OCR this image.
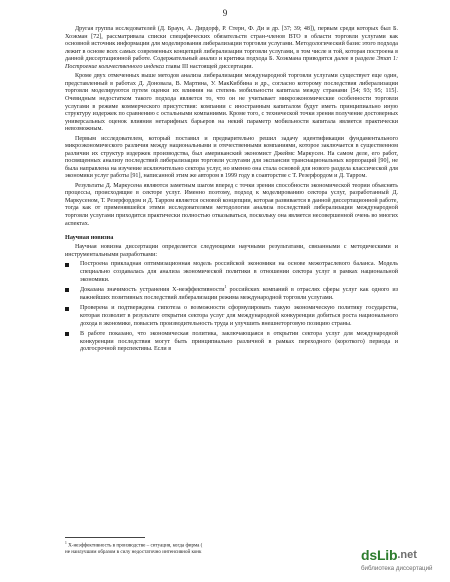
9

Другая группа исследователей (Д. Браун, А. Дирдорф, Р. Стерн, Ф. Ди и др. [37; 39; 48]), первым среди которых был Б. Хоэкман [72], рассматривала списки специфических обязательств стран-членов ВТО в области торговли услугами как основной источник информации для моделирования либерализации торговли услугами. Методологический базис этого подхода лежит в основе всех самых современных концепций либерализации торговли услугами, в том числе и той, которая построена в данной диссертационной работе. Содержательный анализ и критика подхода Б. Хоэкмана приводятся далее в разделе Этап 1: Построение количественного индекса главы III настоящей диссертации.

Кроме двух отмеченных выше методов анализа либерализации международной торговли услугами существует еще один, представленный в работах Д. Доновала, В. Мартина, У. МакКиббина и др., согласно которому последствия либерализации торговли моделируются путем оценки их влияния на степень мобильности капитала между странами [54; 93; 95; 115]. Очевидным недостатком такого подхода является то, что он не учитывает микроэкономические особенности торговли услугами в режиме коммерческого присутствия: компании с иностранным капиталом будут иметь принципиально иную структуру издержек по сравнению с остальными компаниями. Кроме того, с технической точки зрения получение достоверных универсальных оценок влияния нетарифных барьеров на некий параметр мобильности капитала является практически невозможным.

Первым исследователем, который поставил и предварительно решил задачу идентификации фундаментального микроэкономического различия между национальными и отечественными компаниями, которое заключается в существенном различии их структур издержек производства, был американский экономист Джеймс Маркусен. На самом деле, его работ, посвященных анализу последствий либерализации торговли услугами для экспансии транснациональных корпораций [90], не была направлена на изучение исключительно сектора услуг, но именно она стала основой для нового раздела классической для экономики услуг работы [91], написанной этим же автором в 1999 году в соавторстве с Т. Резерфордом и Д. Тарром.

Результаты Д. Маркусена являются заметным шагом вперед с точки зрения способности экономической теории объяснять процессы, происходящие в секторе услуг. Именно поэтому, подход к моделированию сектора услуг, разработанный Д. Маркусеном, Т. Резерфордом и Д. Тарром является основой концепции, которая развивается в данной диссертационной работе, тогда как от применявшейся этими исследователями методологии анализа последствий либерализации международной торговли услугами приходится практически полностью отказываться, поскольку она является несовершенной очень во многих аспектах.

Научная новизна

Научная новизна диссертации определяется следующими научными результатами, связанными с методическими и инструментальными разработками:

Построена прикладная оптимизационная модель российской экономики на основе межотраслевого баланса. Модель специально создавалась для анализа экономической политики в отношении сектора услуг в рамках национальной экономики.
Доказана значимость устранения X-неэффективности$^1$ российских компаний в отраслях сферы услуг как одного из важнейших позитивных последствий либерализации режима международной торговли услугами.
Проверена и подтверждена гипотеза о возможности сформулировать такую экономическую политику государства, которая позволит в результате открытия сектора услуг для международной конкуренции добиться роста национального дохода в экономике, повысить производительность труда и улучшить внешнеторговую позицию страны.
В работе показано, что экономическая политика, заключающаяся в открытии сектора услуг для международной конкуренции последствия могут быть принципиально различной в рамках переходного (короткого) периода и долгосрочной перспективы. Если в
$^1$ X-неэффективность в производстве – ситуация, когда фирма (
не наилучшим образом в силу недостаточно интенсивной конк	dsLib .net
библиотека диссертаций
